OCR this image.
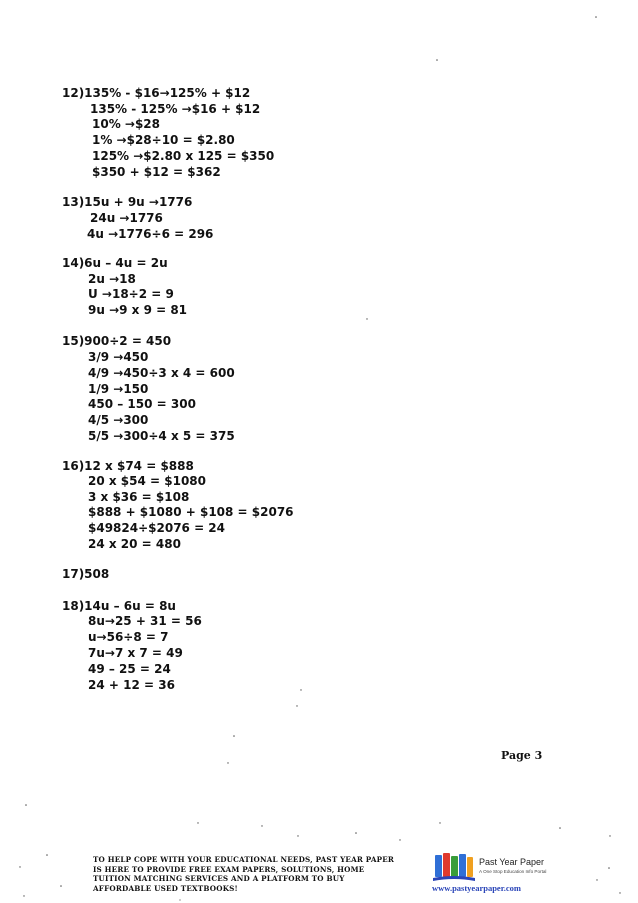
12)135% - $16→125% + $12
135% - 125% →$16 + $12
10% →$28
1% →$28÷10 = $2.80
125% →$2.80 x 125 = $350
$350 + $12 = $362
13)15u + 9u →1776
24u →1776
4u →1776÷6 = 296
14)6u – 4u = 2u
2u →18
U →18÷2 = 9
9u →9 x 9 = 81
15)900÷2 = 450
3/9 →450
4/9 →450÷3 x 4 = 600
1/9 →150
450 – 150 = 300
4/5 →300
5/5 →300÷4 x 5 = 375
16)12 x $74 = $888
20 x $54 = $1080
3 x $36 = $108
$888 + $1080 + $108 = $2076
$49824÷$2076 = 24
24 x 20 = 480
17)508
18)14u – 6u = 8u
8u→25 + 31 = 56
u→56÷8 = 7
7u→7 x 7 = 49
49 – 25 = 24
24 + 12 = 36
Page 3
TO HELP COPE WITH YOUR EDUCATIONAL NEEDS, PAST YEAR PAPER
IS HERE TO PROVIDE FREE EXAM PAPERS, SOLUTIONS, HOME
TUITION MATCHING SERVICES AND A PLATFORM TO BUY
AFFORDABLE USED TEXTBOOKS!
Past Year Paper
A One Stop Education Info Portal
www.pastyearpaper.com
